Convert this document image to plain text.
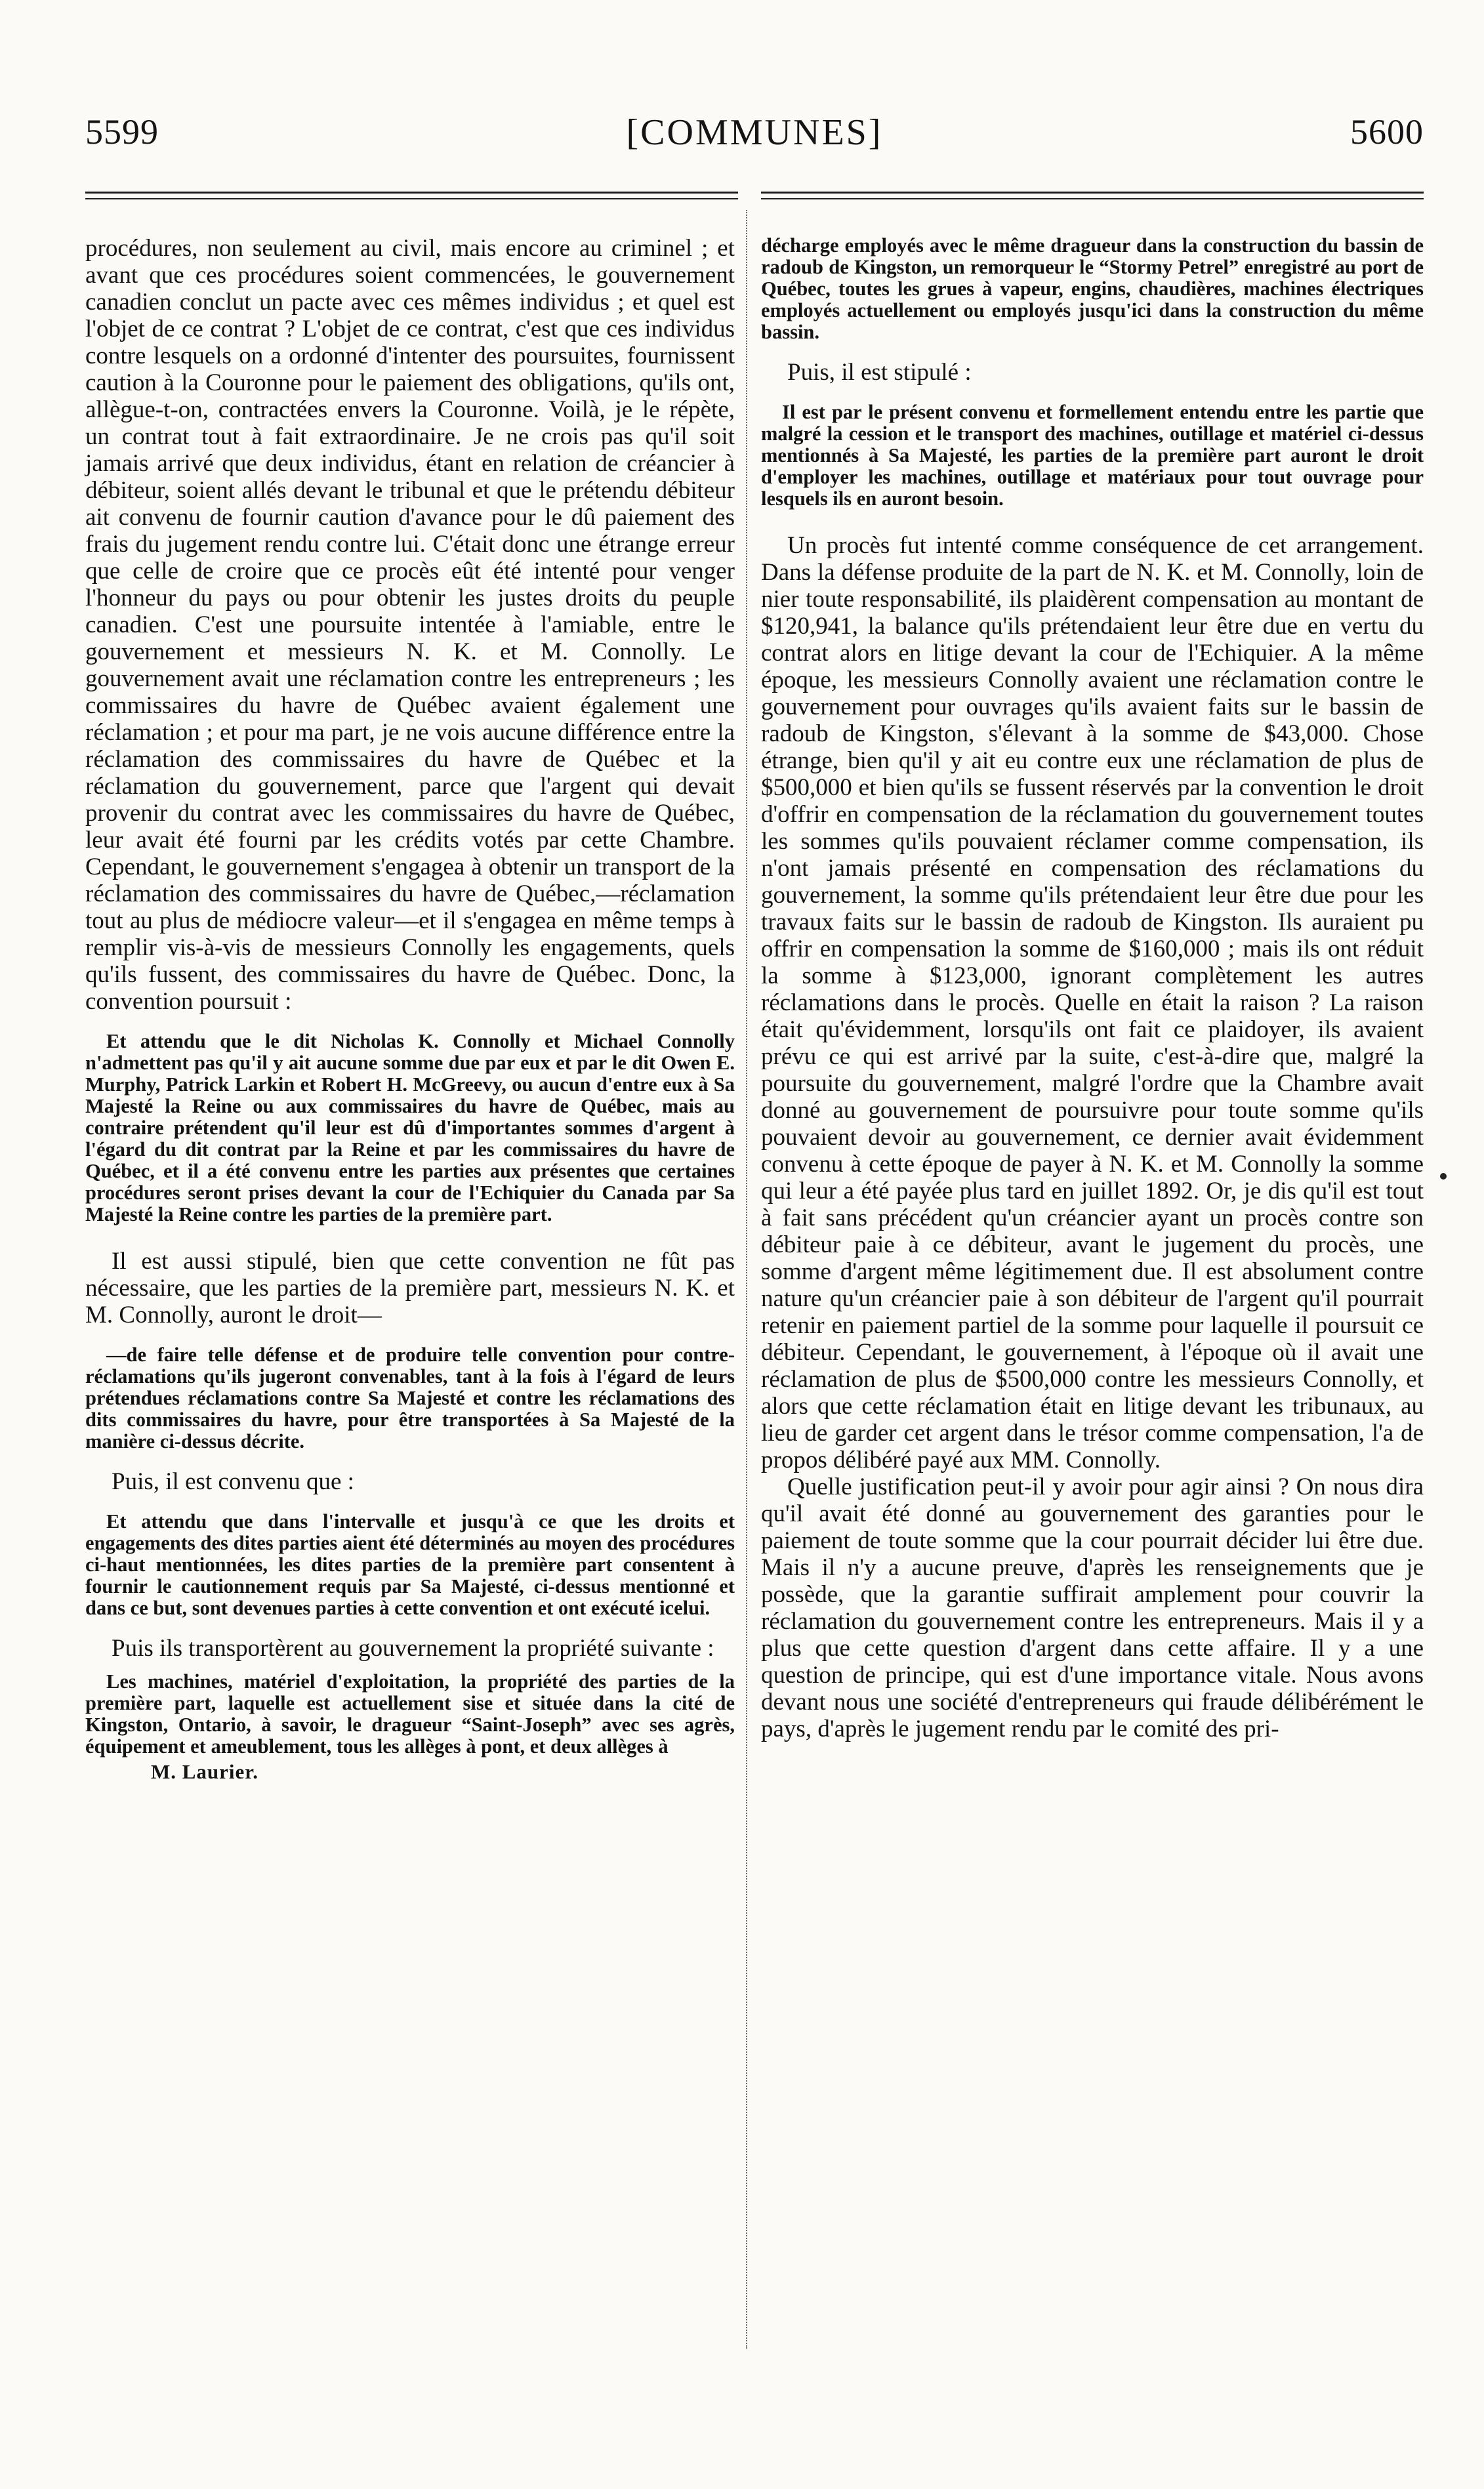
5599	[COMMUNES]	5600

procédures, non seulement au civil, mais encore au criminel ; et avant que ces procédures soient commencées, le gouvernement canadien conclut un pacte avec ces mêmes individus ; et quel est l'objet de ce contrat ? L'objet de ce contrat, c'est que ces individus contre lesquels on a ordonné d'intenter des poursuites, fournissent caution à la Couronne pour le paiement des obligations, qu'ils ont, allègue-t-on, contractées envers la Couronne. Voilà, je le répète, un contrat tout à fait extraordinaire. Je ne crois pas qu'il soit jamais arrivé que deux individus, étant en relation de créancier à débiteur, soient allés devant le tribunal et que le prétendu débiteur ait convenu de fournir caution d'avance pour le dû paiement des frais du jugement rendu contre lui. C'était donc une étrange erreur que celle de croire que ce procès eût été intenté pour venger l'honneur du pays ou pour obtenir les justes droits du peuple canadien. C'est une poursuite intentée à l'amiable, entre le gouvernement et messieurs N. K. et M. Connolly. Le gouvernement avait une réclamation contre les entrepreneurs ; les commissaires du havre de Québec avaient également une réclamation ; et pour ma part, je ne vois aucune différence entre la réclamation des commissaires du havre de Québec et la réclamation du gouvernement, parce que l'argent qui devait provenir du contrat avec les commissaires du havre de Québec, leur avait été fourni par les crédits votés par cette Chambre. Cependant, le gouvernement s'engagea à obtenir un transport de la réclamation des commissaires du havre de Québec,—réclamation tout au plus de médiocre valeur—et il s'engagea en même temps à remplir vis-à-vis de messieurs Connolly les engagements, quels qu'ils fussent, des commissaires du havre de Québec. Donc, la convention poursuit :

Et attendu que le dit Nicholas K. Connolly et Michael Connolly n'admettent pas qu'il y ait aucune somme due par eux et par le dit Owen E. Murphy, Patrick Larkin et Robert H. McGreevy, ou aucun d'entre eux à Sa Majesté la Reine ou aux commissaires du havre de Québec, mais au contraire prétendent qu'il leur est dû d'importantes sommes d'argent à l'égard du dit contrat par la Reine et par les commissaires du havre de Québec, et il a été convenu entre les parties aux présentes que certaines procédures seront prises devant la cour de l'Echiquier du Canada par Sa Majesté la Reine contre les parties de la première part.

Il est aussi stipulé, bien que cette convention ne fût pas nécessaire, que les parties de la première part, messieurs N. K. et M. Connolly, auront le droit—

—de faire telle défense et de produire telle convention pour contre-réclamations qu'ils jugeront convenables, tant à la fois à l'égard de leurs prétendues réclamations contre Sa Majesté et contre les réclamations des dits commissaires du havre, pour être transportées à Sa Majesté de la manière ci-dessus décrite.

Puis, il est convenu que :

Et attendu que dans l'intervalle et jusqu'à ce que les droits et engagements des dites parties aient été déterminés au moyen des procédures ci-haut mentionnées, les dites parties de la première part consentent à fournir le cautionnement requis par Sa Majesté, ci-dessus mentionné et dans ce but, sont devenues parties à cette convention et ont exécuté icelui.

Puis ils transportèrent au gouvernement la propriété suivante :

Les machines, matériel d'exploitation, la propriété des parties de la première part, laquelle est actuellement sise et située dans la cité de Kingston, Ontario, à savoir, le dragueur “Saint-Joseph” avec ses agrès, équipement et ameublement, tous les allèges à pont, et deux allèges à

M. Laurier.

décharge employés avec le même dragueur dans la construction du bassin de radoub de Kingston, un remorqueur le “Stormy Petrel” enregistré au port de Québec, toutes les grues à vapeur, engins, chaudières, machines électriques employés actuellement ou employés jusqu'ici dans la construction du même bassin.

Puis, il est stipulé :

Il est par le présent convenu et formellement entendu entre les partie que malgré la cession et le transport des machines, outillage et matériel ci-dessus mentionnés à Sa Majesté, les parties de la première part auront le droit d'employer les machines, outillage et matériaux pour tout ouvrage pour lesquels ils en auront besoin.

Un procès fut intenté comme conséquence de cet arrangement. Dans la défense produite de la part de N. K. et M. Connolly, loin de nier toute responsabilité, ils plaidèrent compensation au montant de $120,941, la balance qu'ils prétendaient leur être due en vertu du contrat alors en litige devant la cour de l'Echiquier. A la même époque, les messieurs Connolly avaient une réclamation contre le gouvernement pour ouvrages qu'ils avaient faits sur le bassin de radoub de Kingston, s'élevant à la somme de $43,000. Chose étrange, bien qu'il y ait eu contre eux une réclamation de plus de $500,000 et bien qu'ils se fussent réservés par la convention le droit d'offrir en compensation de la réclamation du gouvernement toutes les sommes qu'ils pouvaient réclamer comme compensation, ils n'ont jamais présenté en compensation des réclamations du gouvernement, la somme qu'ils prétendaient leur être due pour les travaux faits sur le bassin de radoub de Kingston. Ils auraient pu offrir en compensation la somme de $160,000 ; mais ils ont réduit la somme à $123,000, ignorant complètement les autres réclamations dans le procès. Quelle en était la raison ? La raison était qu'évidemment, lorsqu'ils ont fait ce plaidoyer, ils avaient prévu ce qui est arrivé par la suite, c'est-à-dire que, malgré la poursuite du gouvernement, malgré l'ordre que la Chambre avait donné au gouvernement de poursuivre pour toute somme qu'ils pouvaient devoir au gouvernement, ce dernier avait évidemment convenu à cette époque de payer à N. K. et M. Connolly la somme qui leur a été payée plus tard en juillet 1892. Or, je dis qu'il est tout à fait sans précédent qu'un créancier ayant un procès contre son débiteur paie à ce débiteur, avant le jugement du procès, une somme d'argent même légitimement due. Il est absolument contre nature qu'un créancier paie à son débiteur de l'argent qu'il pourrait retenir en paiement partiel de la somme pour laquelle il poursuit ce débiteur. Cependant, le gouvernement, à l'époque où il avait une réclamation de plus de $500,000 contre les messieurs Connolly, et alors que cette réclamation était en litige devant les tribunaux, au lieu de garder cet argent dans le trésor comme compensation, l'a de propos délibéré payé aux MM. Connolly.

Quelle justification peut-il y avoir pour agir ainsi ? On nous dira qu'il avait été donné au gouvernement des garanties pour le paiement de toute somme que la cour pourrait décider lui être due. Mais il n'y a aucune preuve, d'après les renseignements que je possède, que la garantie suffirait amplement pour couvrir la réclamation du gouvernement contre les entrepreneurs. Mais il y a plus que cette question d'argent dans cette affaire. Il y a une question de principe, qui est d'une importance vitale. Nous avons devant nous une société d'entrepreneurs qui fraude délibérément le pays, d'après le jugement rendu par le comité des pri-
